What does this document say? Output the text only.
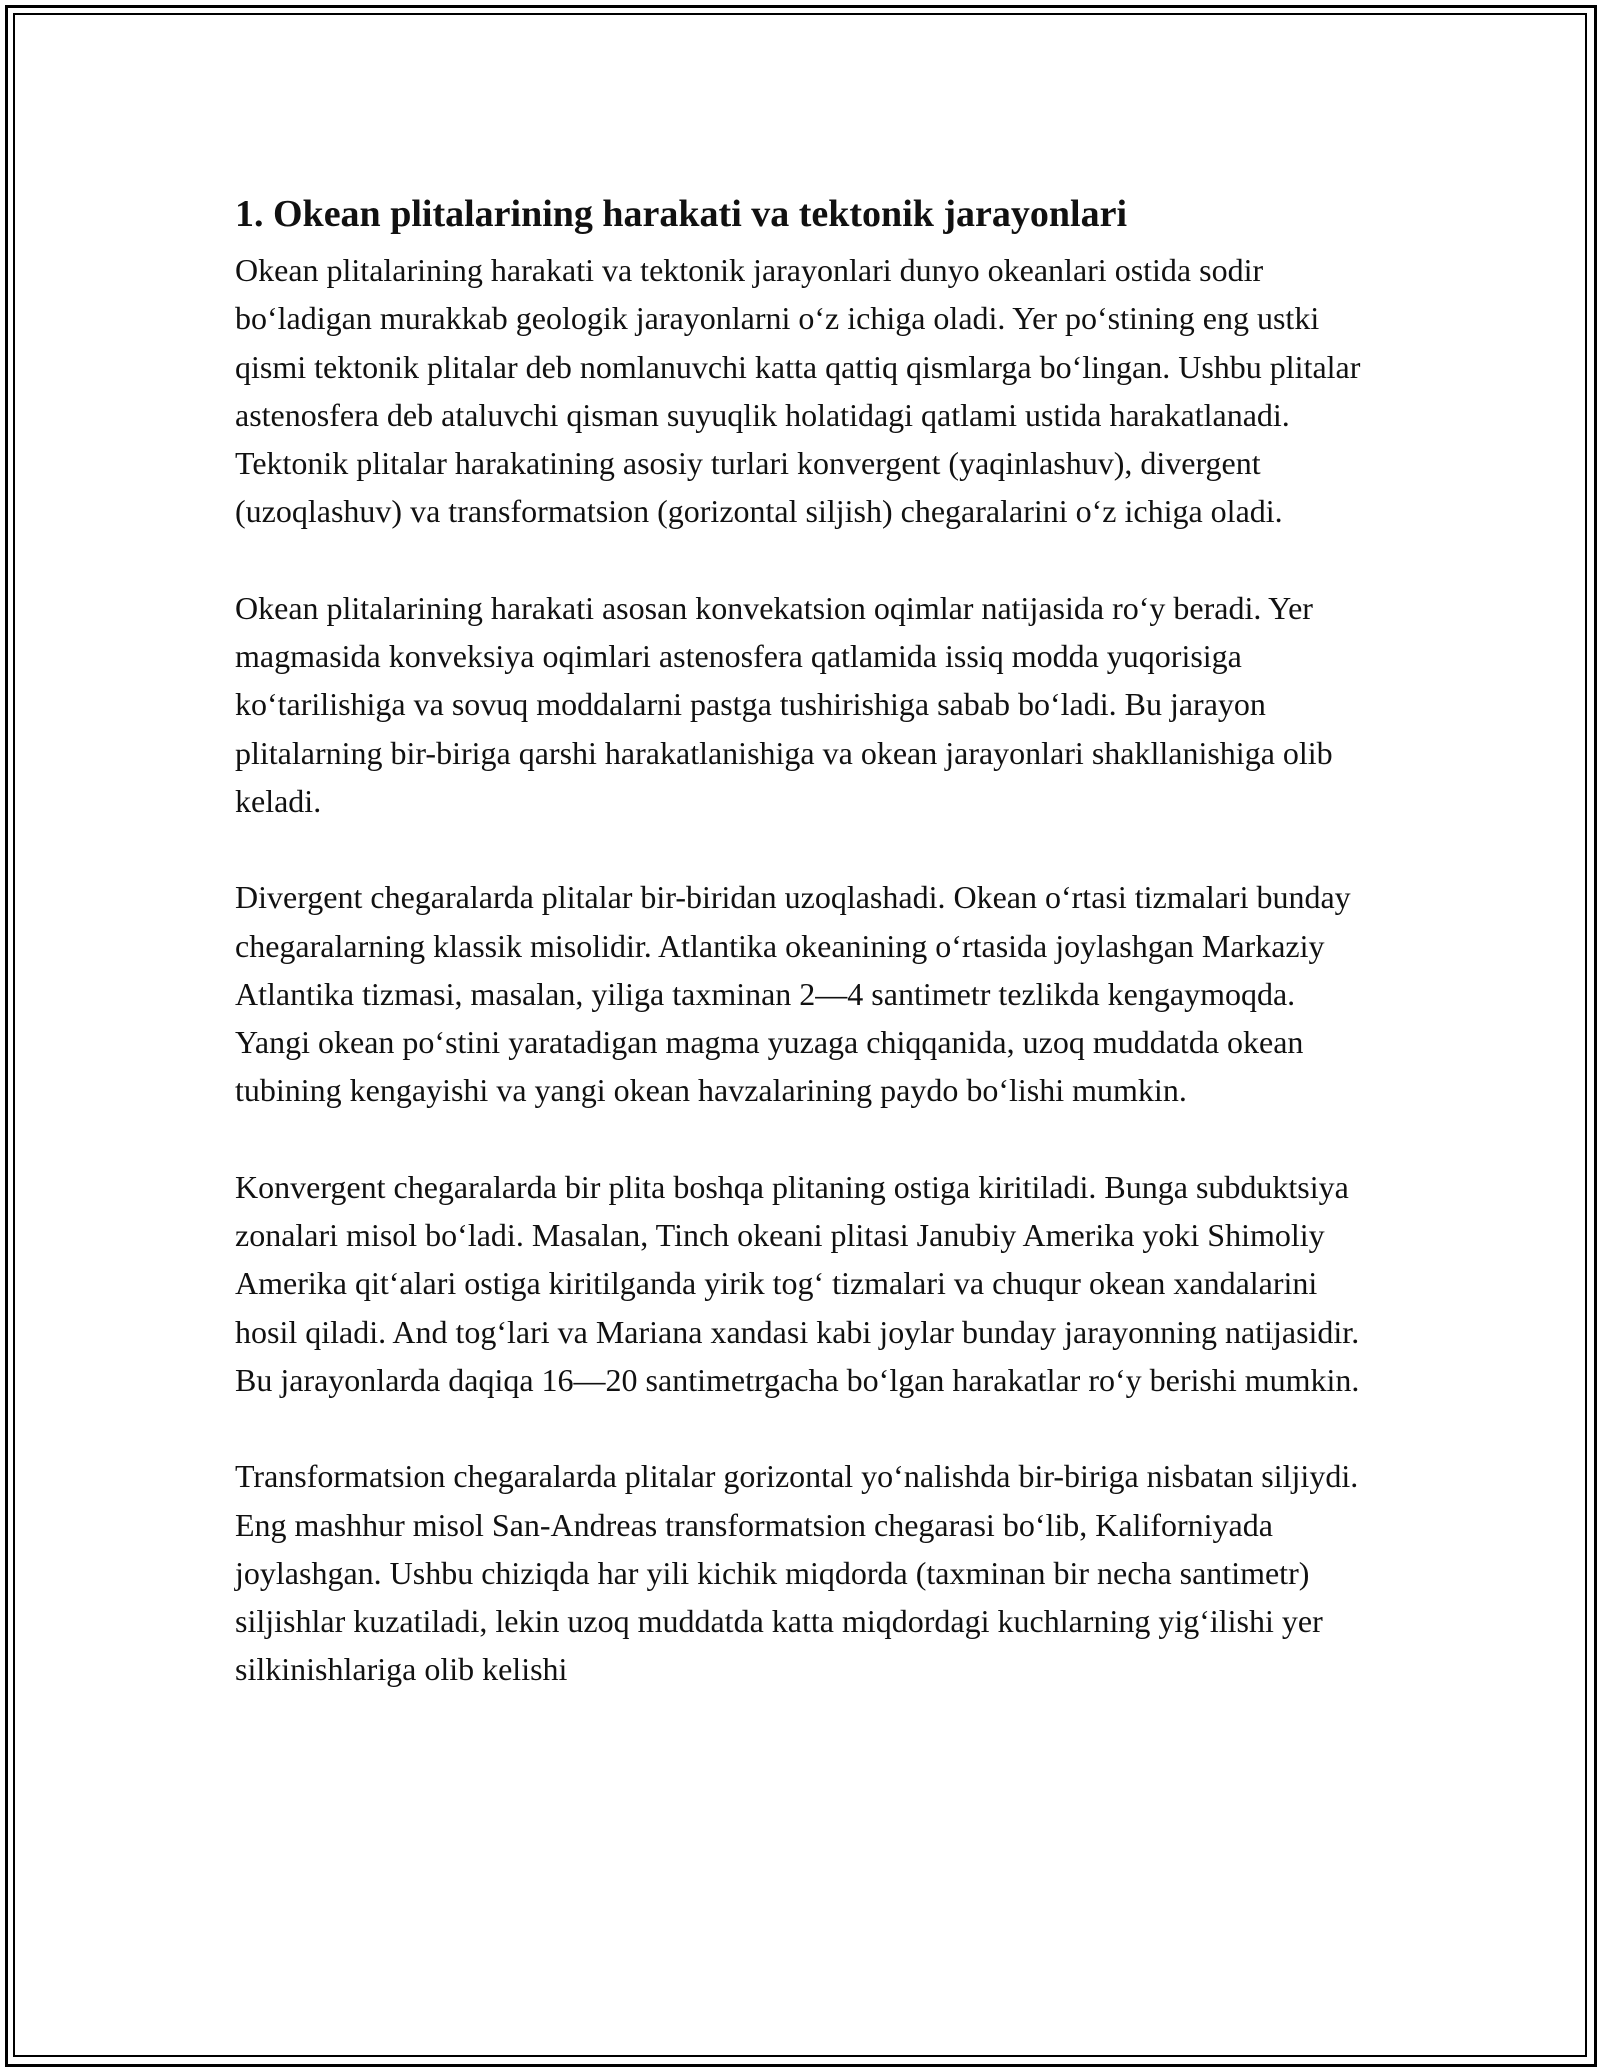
1. Okean plitalarining harakati va tektonik jarayonlari

Okean plitalarining harakati va tektonik jarayonlari dunyo okeanlari ostida sodir bo‘ladigan murakkab geologik jarayonlarni o‘z ichiga oladi. Yer po‘stining eng ustki qismi tektonik plitalar deb nomlanuvchi katta qattiq qismlarga bo‘lingan. Ushbu plitalar astenosfera deb ataluvchi qisman suyuqlik holatidagi qatlami ustida harakatlanadi. Tektonik plitalar harakatining asosiy turlari konvergent (yaqinlashuv), divergent (uzoqlashuv) va transformatsion (gorizontal siljish) chegaralarini o‘z ichiga oladi.

Okean plitalarining harakati asosan konvekatsion oqimlar natijasida ro‘y beradi. Yer magmasida konveksiya oqimlari astenosfera qatlamida issiq modda yuqorisiga ko‘tarilishiga va sovuq moddalarni pastga tushirishiga sabab bo‘ladi. Bu jarayon plitalarning bir-biriga qarshi harakatlanishiga va okean jarayonlari shakllanishiga olib keladi.

Divergent chegaralarda plitalar bir-biridan uzoqlashadi. Okean o‘rtasi tizmalari bunday chegaralarning klassik misolidir. Atlantika okeanining o‘rtasida joylashgan Markaziy Atlantika tizmasi, masalan, yiliga taxminan 2—4 santimetr tezlikda kengaymoqda. Yangi okean po‘stini yaratadigan magma yuzaga chiqqanida, uzoq muddatda okean tubining kengayishi va yangi okean havzalarining paydo bo‘lishi mumkin.

Konvergent chegaralarda bir plita boshqa plitaning ostiga kiritiladi. Bunga subduktsiya zonalari misol bo‘ladi. Masalan, Tinch okeani plitasi Janubiy Amerika yoki Shimoliy Amerika qit‘alari ostiga kiritilganda yirik tog‘ tizmalari va chuqur okean xandalarini hosil qiladi. And tog‘lari va Mariana xandasi kabi joylar bunday jarayonning natijasidir. Bu jarayonlarda daqiqa 16—20 santimetrgacha bo‘lgan harakatlar ro‘y berishi mumkin.

Transformatsion chegaralarda plitalar gorizontal yo‘nalishda bir-biriga nisbatan siljiydi. Eng mashhur misol San-Andreas transformatsion chegarasi bo‘lib, Kaliforniyada joylashgan. Ushbu chiziqda har yili kichik miqdorda (taxminan bir necha santimetr) siljishlar kuzatiladi, lekin uzoq muddatda katta miqdordagi kuchlarning yig‘ilishi yer silkinishlariga olib kelishi
